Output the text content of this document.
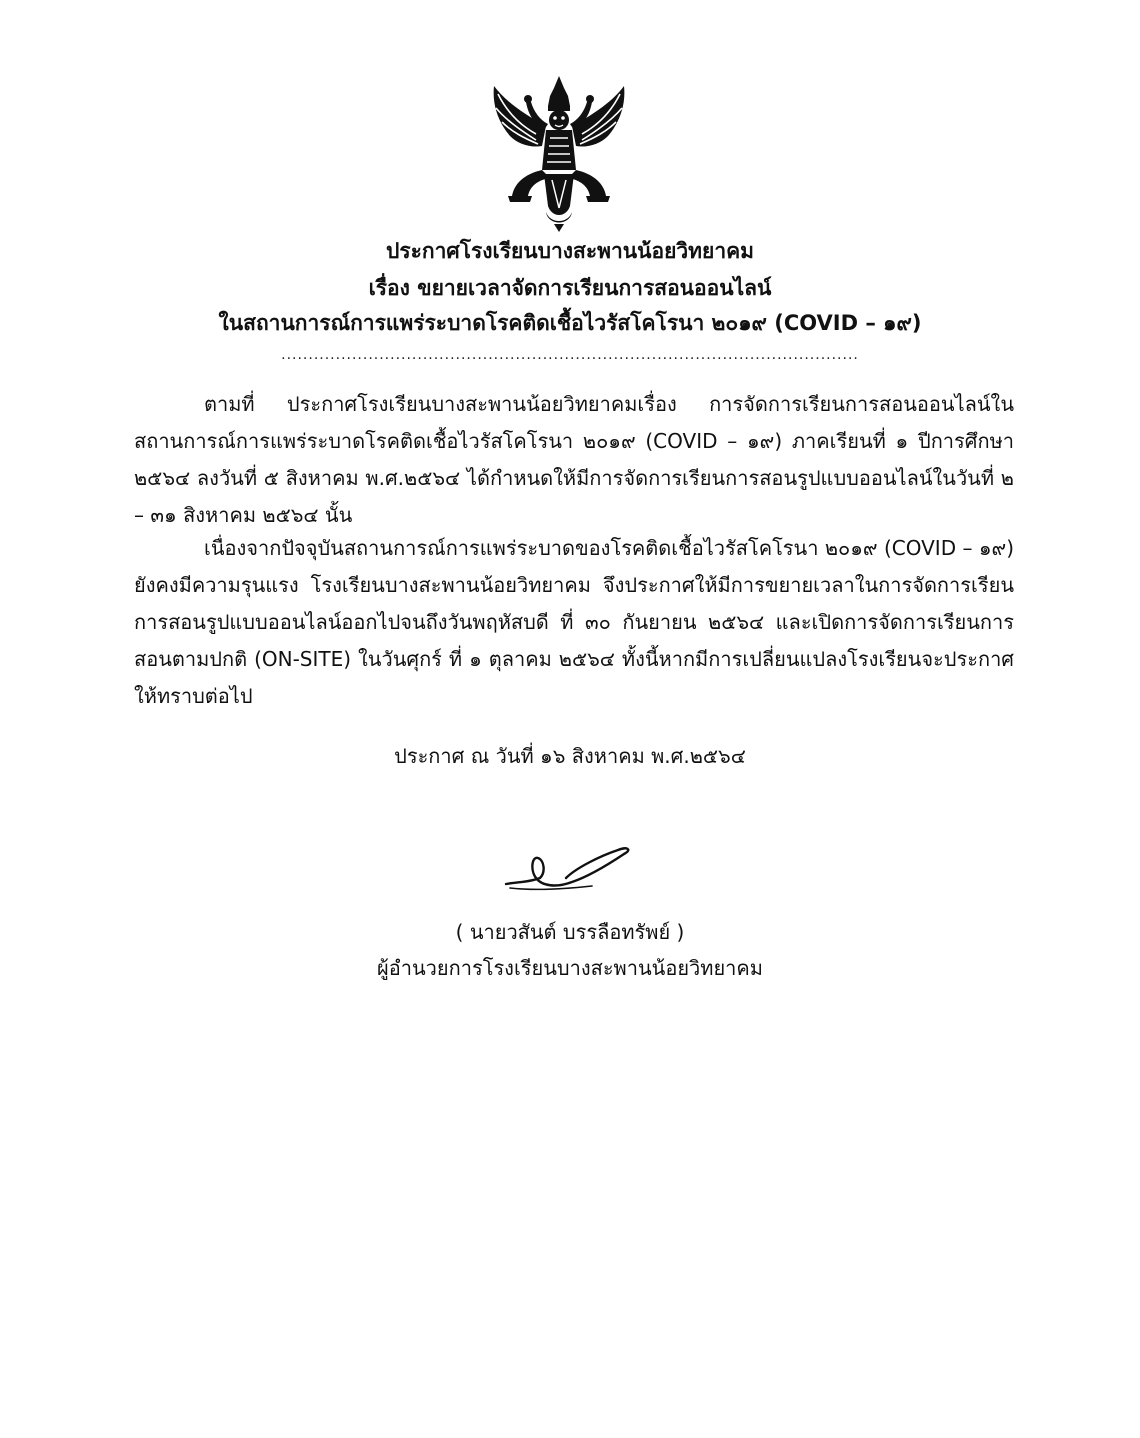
ประกาศโรงเรียนบางสะพานน้อยวิทยาคม
เรื่อง ขยายเวลาจัดการเรียนการสอนออนไลน์
ในสถานการณ์การแพร่ระบาดโรคติดเชื้อไวรัสโคโรนา ๒๐๑๙ (COVID – ๑๙)
..........................................................................................................
ตามที่ ประกาศโรงเรียนบางสะพานน้อยวิทยาคมเรื่อง การจัดการเรียนการสอนออนไลน์ในสถานการณ์การแพร่ระบาดโรคติดเชื้อไวรัสโคโรนา ๒๐๑๙ (COVID – ๑๙) ภาคเรียนที่ ๑ ปีการศึกษา ๒๕๖๔ ลงวันที่ ๕ สิงหาคม พ.ศ.๒๕๖๔ ได้กำหนดให้มีการจัดการเรียนการสอนรูปแบบออนไลน์ในวันที่ ๒ – ๓๑ สิงหาคม ๒๕๖๔ นั้น
เนื่องจากปัจจุบันสถานการณ์การแพร่ระบาดของโรคติดเชื้อไวรัสโคโรนา ๒๐๑๙ (COVID – ๑๙) ยังคงมีความรุนแรง โรงเรียนบางสะพานน้อยวิทยาคม จึงประกาศให้มีการขยายเวลาในการจัดการเรียนการสอนรูปแบบออนไลน์ออกไปจนถึงวันพฤหัสบดี ที่ ๓๐ กันยายน ๒๕๖๔ และเปิดการจัดการเรียนการสอนตามปกติ (ON-SITE) ในวันศุกร์ ที่ ๑ ตุลาคม ๒๕๖๔ ทั้งนี้หากมีการเปลี่ยนแปลงโรงเรียนจะประกาศให้ทราบต่อไป
ประกาศ ณ วันที่ ๑๖ สิงหาคม พ.ศ.๒๕๖๔
( นายวสันต์ บรรลือทรัพย์ )
ผู้อำนวยการโรงเรียนบางสะพานน้อยวิทยาคม
